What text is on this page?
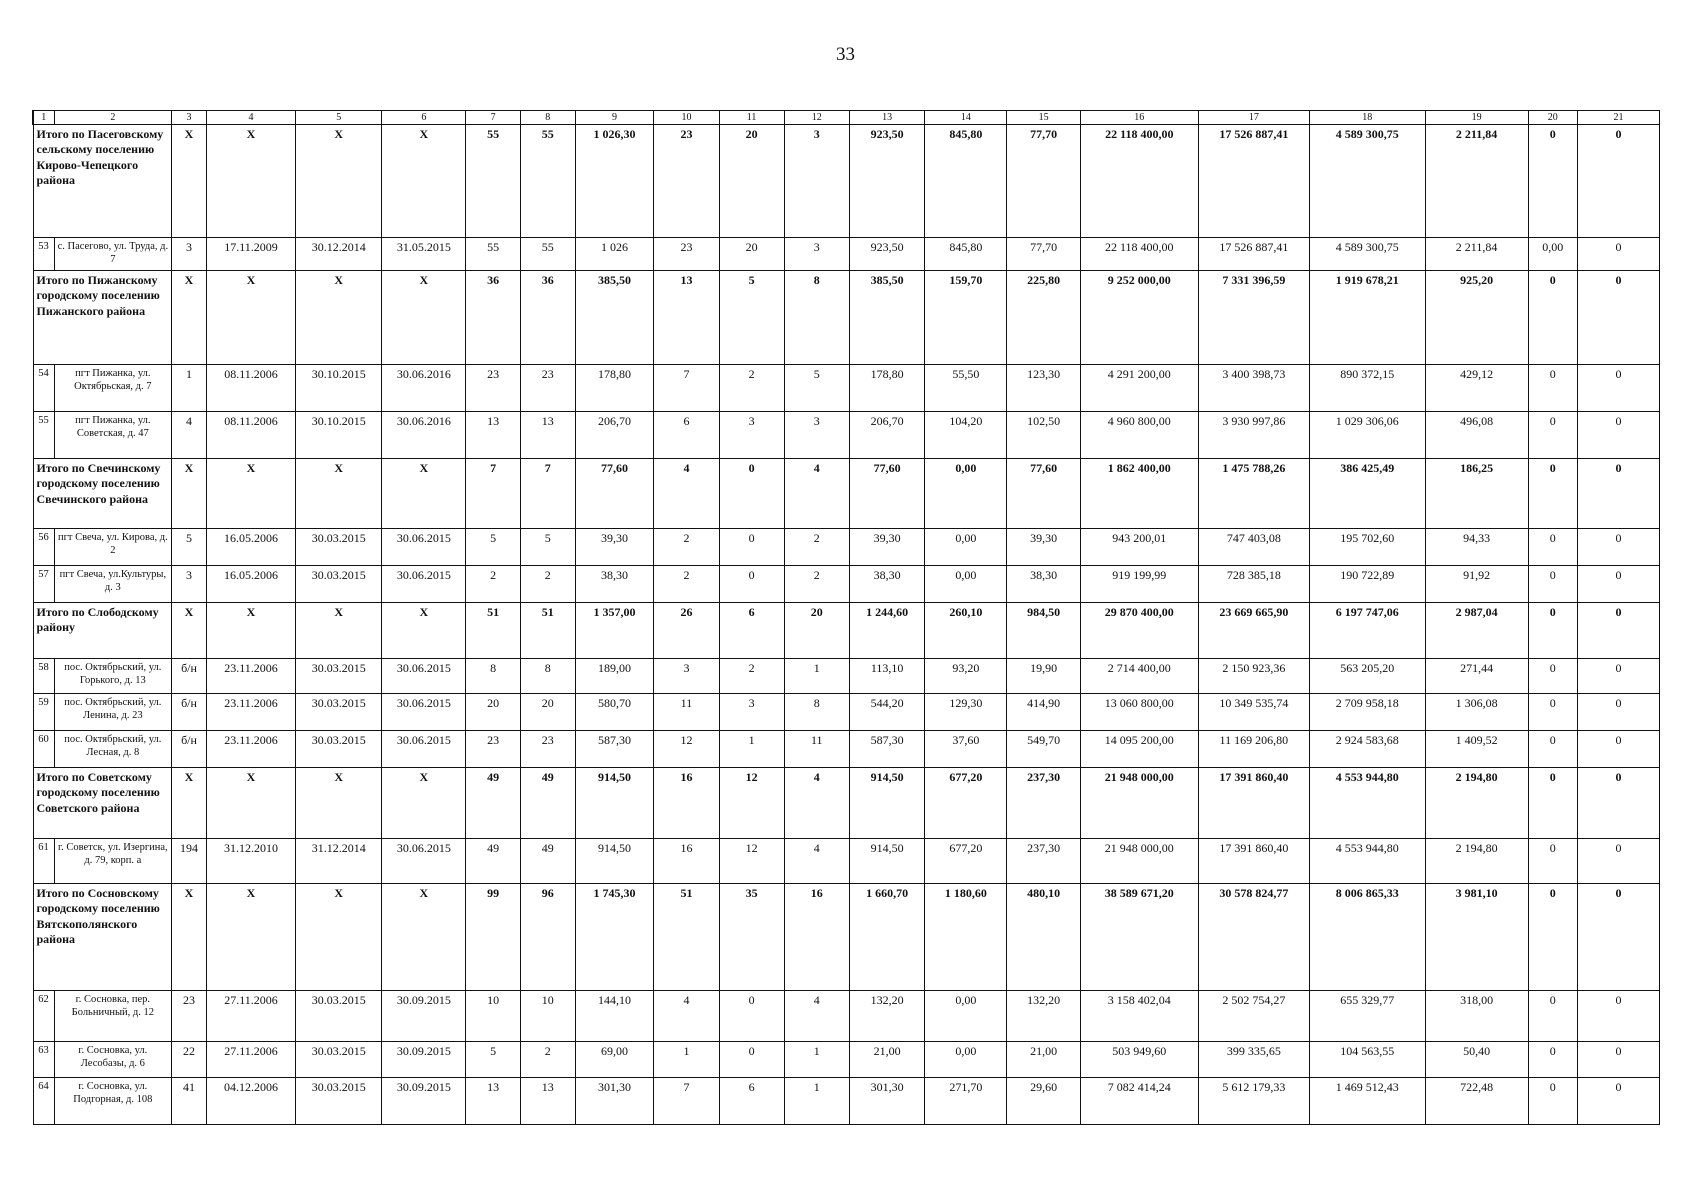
33
1	2	3	4	5	6	7	8	9	10	11	12	13	14	15	16	17	18	19	20	21
Итого по Пасеговскому сельскому поселению Кирово-Чепецкого района		X	X	X	X	55	55	1 026,30	23	20	3	923,50	845,80	77,70	22 118 400,00	17 526 887,41	4 589 300,75	2 211,84	0	0
53	с. Пасегово, ул. Труда, д. 7	3	17.11.2009	30.12.2014	31.05.2015	55	55	1 026	23	20	3	923,50	845,80	77,70	22 118 400,00	17 526 887,41	4 589 300,75	2 211,84	0,00	0
Итого по Пижанскому городскому поселению Пижанского района		X	X	X	X	36	36	385,50	13	5	8	385,50	159,70	225,80	9 252 000,00	7 331 396,59	1 919 678,21	925,20	0	0
54	пгт Пижанка, ул. Октябрьская, д. 7	1	08.11.2006	30.10.2015	30.06.2016	23	23	178,80	7	2	5	178,80	55,50	123,30	4 291 200,00	3 400 398,73	890 372,15	429,12	0	0
55	пгт Пижанка, ул. Советская, д. 47	4	08.11.2006	30.10.2015	30.06.2016	13	13	206,70	6	3	3	206,70	104,20	102,50	4 960 800,00	3 930 997,86	1 029 306,06	496,08	0	0
Итого по Свечинскому городскому поселению Свечинского района		X	X	X	X	7	7	77,60	4	0	4	77,60	0,00	77,60	1 862 400,00	1 475 788,26	386 425,49	186,25	0	0
56	пгт Свеча, ул. Кирова, д. 2	5	16.05.2006	30.03.2015	30.06.2015	5	5	39,30	2	0	2	39,30	0,00	39,30	943 200,01	747 403,08	195 702,60	94,33	0	0
57	пгт Свеча, ул.Культуры, д. 3	3	16.05.2006	30.03.2015	30.06.2015	2	2	38,30	2	0	2	38,30	0,00	38,30	919 199,99	728 385,18	190 722,89	91,92	0	0
Итого по Слободскому району		X	X	X	X	51	51	1 357,00	26	6	20	1 244,60	260,10	984,50	29 870 400,00	23 669 665,90	6 197 747,06	2 987,04	0	0
58	пос. Октябрьский, ул. Горького, д. 13	б/н	23.11.2006	30.03.2015	30.06.2015	8	8	189,00	3	2	1	113,10	93,20	19,90	2 714 400,00	2 150 923,36	563 205,20	271,44	0	0
59	пос. Октябрьский, ул. Ленина, д. 23	б/н	23.11.2006	30.03.2015	30.06.2015	20	20	580,70	11	3	8	544,20	129,30	414,90	13 060 800,00	10 349 535,74	2 709 958,18	1 306,08	0	0
60	пос. Октябрьский, ул. Лесная, д. 8	б/н	23.11.2006	30.03.2015	30.06.2015	23	23	587,30	12	1	11	587,30	37,60	549,70	14 095 200,00	11 169 206,80	2 924 583,68	1 409,52	0	0
Итого по Советскому городскому поселению Советского района		X	X	X	X	49	49	914,50	16	12	4	914,50	677,20	237,30	21 948 000,00	17 391 860,40	4 553 944,80	2 194,80	0	0
61	г. Советск, ул. Изергина, д. 79, корп. а	194	31.12.2010	31.12.2014	30.06.2015	49	49	914,50	16	12	4	914,50	677,20	237,30	21 948 000,00	17 391 860,40	4 553 944,80	2 194,80	0	0
Итого по Сосновскому городскому поселению Вятскополянского района		X	X	X	X	99	96	1 745,30	51	35	16	1 660,70	1 180,60	480,10	38 589 671,20	30 578 824,77	8 006 865,33	3 981,10	0	0
62	г. Сосновка, пер. Больничный, д. 12	23	27.11.2006	30.03.2015	30.09.2015	10	10	144,10	4	0	4	132,20	0,00	132,20	3 158 402,04	2 502 754,27	655 329,77	318,00	0	0
63	г. Сосновка, ул. Лесобазы, д. 6	22	27.11.2006	30.03.2015	30.09.2015	5	2	69,00	1	0	1	21,00	0,00	21,00	503 949,60	399 335,65	104 563,55	50,40	0	0
64	г. Сосновка, ул. Подгорная, д. 108	41	04.12.2006	30.03.2015	30.09.2015	13	13	301,30	7	6	1	301,30	271,70	29,60	7 082 414,24	5 612 179,33	1 469 512,43	722,48	0	0
